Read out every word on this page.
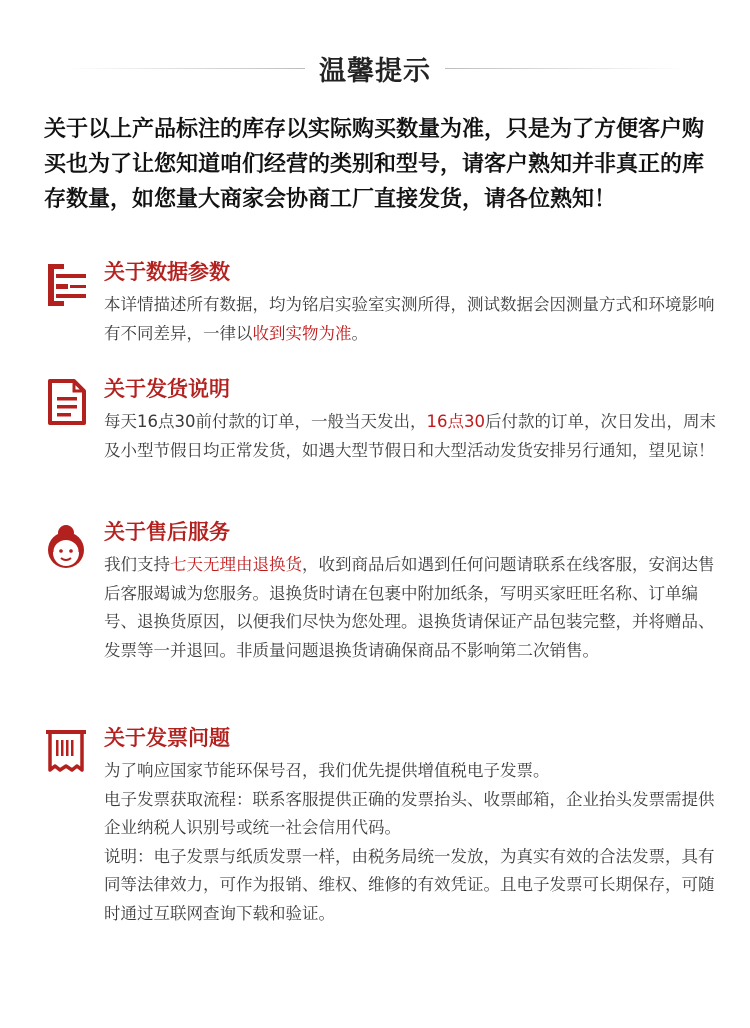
温馨提示
关于以上产品标注的库存以实际购买数量为准，只是为了方便客户购买也为了让您知道咱们经营的类别和型号，请客户熟知并非真正的库存数量，如您量大商家会协商工厂直接发货，请各位熟知！
关于数据参数
本详情描述所有数据，均为铭启实验室实测所得，测试数据会因测量方式和环境影响有不同差异，一律以收到实物为准。
关于发货说明
每天16点30前付款的订单，一般当天发出，16点30后付款的订单，次日发出，周末及小型节假日均正常发货，如遇大型节假日和大型活动发货安排另行通知，望见谅！
关于售后服务
我们支持七天无理由退换货，收到商品后如遇到任何问题请联系在线客服，安润达售后客服竭诚为您服务。退换货时请在包裹中附加纸条，写明买家旺旺名称、订单编号、退换货原因，以便我们尽快为您处理。退换货请保证产品包装完整，并将赠品、发票等一并退回。非质量问题退换货请确保商品不影响第二次销售。
关于发票问题

为了响应国家节能环保号召，我们优先提供增值税电子发票。

电子发票获取流程：联系客服提供正确的发票抬头、收票邮箱，企业抬头发票需提供企业纳税人识别号或统一社会信用代码。

说明：电子发票与纸质发票一样，由税务局统一发放，为真实有效的合法发票，具有同等法律效力，可作为报销、维权、维修的有效凭证。且电子发票可长期保存，可随时通过互联网查询下载和验证。
